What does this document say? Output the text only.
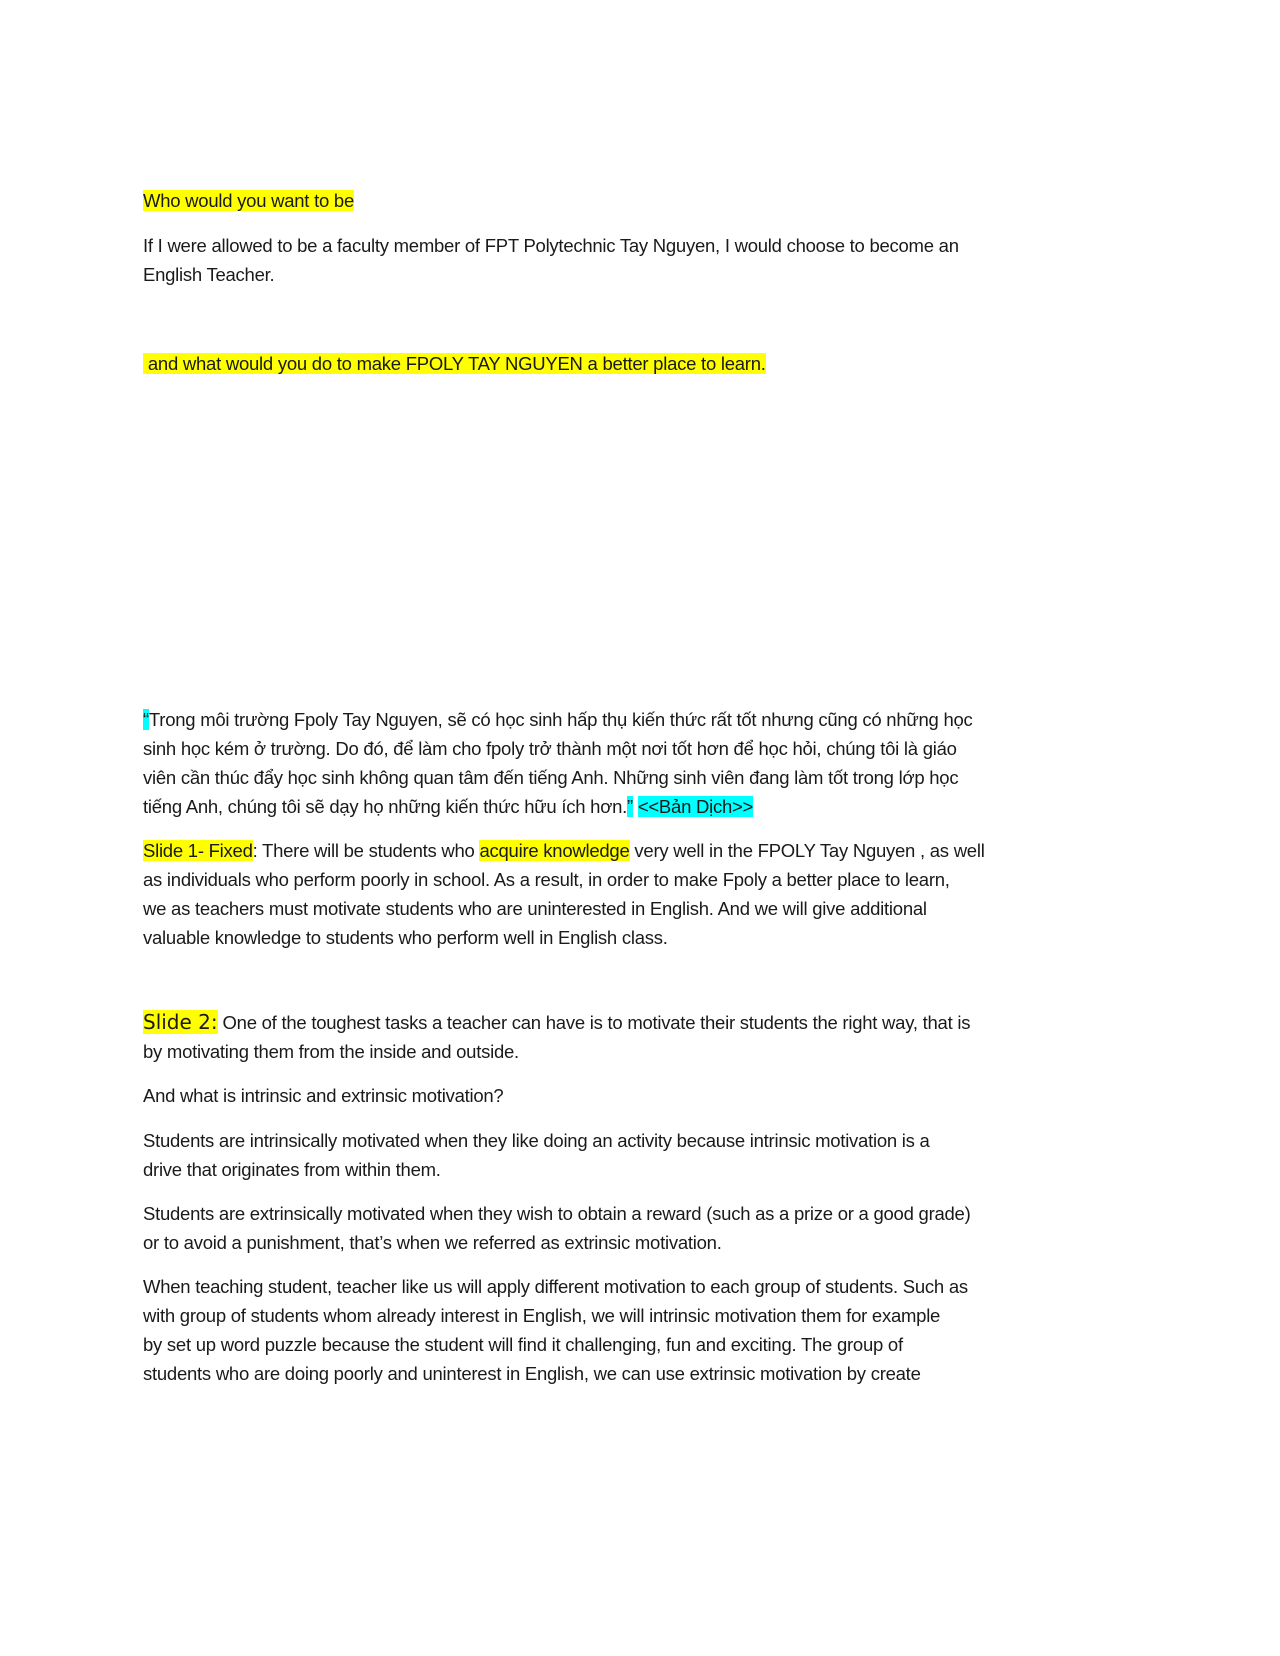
Who would you want to be
If I were allowed to be a faculty member of FPT Polytechnic Tay Nguyen, I would choose to become an
English Teacher.
and what would you do to make FPOLY TAY NGUYEN a better place to learn.
“Trong môi trường Fpoly Tay Nguyen, sẽ có học sinh hấp thụ kiến thức rất tốt nhưng cũng có những học
sinh học kém ở trường. Do đó, để làm cho fpoly trở thành một nơi tốt hơn để học hỏi, chúng tôi là giáo
viên cần thúc đẩy học sinh không quan tâm đến tiếng Anh. Những sinh viên đang làm tốt trong lớp học
tiếng Anh, chúng tôi sẽ dạy họ những kiến thức hữu ích hơn.” <<Bản Dịch>>
Slide 1- Fixed: There will be students who acquire knowledge very well in the FPOLY Tay Nguyen , as well
as individuals who perform poorly in school. As a result, in order to make Fpoly a better place to learn,
we as teachers must motivate students who are uninterested in English. And we will give additional
valuable knowledge to students who perform well in English class.
Slide 2: One of the toughest tasks a teacher can have is to motivate their students the right way, that is
by motivating them from the inside and outside.
And what is intrinsic and extrinsic motivation?
Students are intrinsically motivated when they like doing an activity because intrinsic motivation is a
drive that originates from within them.
Students are extrinsically motivated when they wish to obtain a reward (such as a prize or a good grade)
or to avoid a punishment, that’s when we referred as extrinsic motivation.
When teaching student, teacher like us will apply different motivation to each group of students. Such as
with group of students whom already interest in English, we will intrinsic motivation them for example
by set up word puzzle because the student will find it challenging, fun and exciting. The group of
students who are doing poorly and uninterest in English, we can use extrinsic motivation by create
